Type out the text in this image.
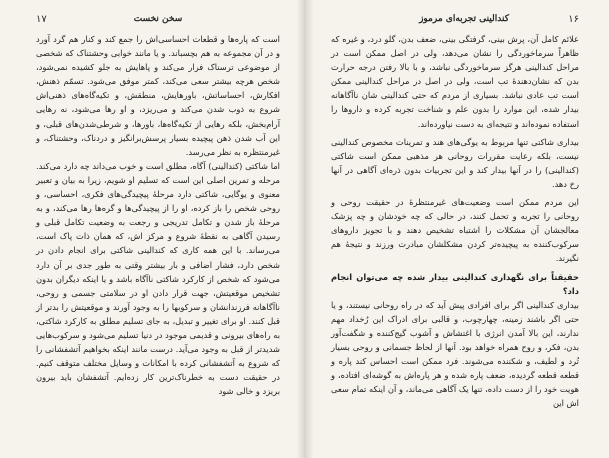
۱۷	سخن نخست

است که پاره‌ها و قطعات احساسی‌اش را جمع کند و کنار هم گرد آورد و در آن مجموعه به هم بچسباند. و یا مانند خوابی وحشتناک که شخصی از موضوعی ترسناک فرار می‌کند و پاهایش به جلو کشیده نمی‌شود، شخص هرچه بیشتر سعی می‌کند، کمتر موفق می‌شود. تسمّم ذهنش، افکارش، احساساتش، باورهایش، منطقش، و تکیه‌گاه‌های ذهنی‌اش شروع به ذوب شدن می‌کند و می‌ریزد، و او رها می‌شود، نه رهایی آرام‌بخش، بلکه رهایی از تکیه‌گاه‌ها، باورها، و شرطی‌شدن‌های قبلی، و این آب شدن ذهن پیچیده بسیار پرسش‌برانگیز و دردناک، وحشتناک، و غیرمنتظره به نظر می‌رسد.

اما شاکتی (کندالینی) آگاه، مطلق است و خوب می‌داند چه دارد می‌کند. مرحله و تمرین اصلی این است که تسلیم او شویم، زیرا به بیان و تعبیر معنوی و یوگایی، شاکتی دارد مرحلهٔ پیچیدگی‌های فکری، احساسی، و روحی شخص را باز کرده، او را از پیچیدگی‌ها و گره‌ها رها می‌کند، و به مرحلهٔ باز شدن و تکامل تدریجی و رجعت به وضعیت تکامل قبلی و رسیدن آگاهی به نقطهٔ شروع و مرکز اش، که همان ذات پاک است، می‌رساند. با این همه کاری که کندالینی شاکتی برای انجام دادن در شخص دارد، فشار اضافی و بار بیشتر وقتی به طور جدی بر آن دارد می‌شود که شخص از کارکرد شاکتی ناآگاه باشد و یا اینکه دیگران بدون تشخیص موقعیتش، جهت قرار دادن او در سلامتی جسمی و روحی، ناآگاهانه فرزندانشان و سرکوبها را به وجود آورند و موقعیتش را بدتر از قبل کنند. او برای تغییر و تبدیل، به جای تسلیم مطلق به کارکرد شاکتی، به راه‌های بیرونی و قدیمی موجود در دنیا تسلیم می‌شود و سرکوب‌هایی شدیدتر از قبل به وجود می‌آید. درست مانند اینکه بخواهیم آتشفشانی را که شروع به آتشفشانی کرده با امکانات و وسایل مختلف متوقف کنیم. در حقیقت دست به خطرناک‌ترین کار زده‌ایم. آتشفشان باید بیرون بریزد و خالی شود

۱۶
کندالینی تجربه‌ای مرموز

علائم کامل آن، پرش بینی، گرفتگی بینی، ضعف بدن، گلو درد، و غیره که ظاهراً سرماخوردگی را نشان می‌دهد، ولی در اصل ممکن است در مراحل کندالینی هرگز سرماخوردگی نباشد، و با بالا رفتن درجه حرارت بدن که نشان‌دهندهٔ تب است، ولی در اصل در مراحل کندالینی ممکن است تب عادی نباشد. بسیاری از مردم که حتی کندالینی شان ناآگاهانه بیدار شده، این موارد را بدون علم و شناخت تجربه کرده و داروها را استفاده نموده‌اند و نتیجه‌ای به دست نیاورده‌اند.

بیداری شاکتی تنها مربوط به یوگی‌های هند و تمرینات مخصوص کندالینی نیست، بلکه رعایت مقررات روحانی هر مذهبی ممکن است شاکتی (کندالینی) را در آنها بیدار کند و این تجربیات بدون ذره‌ای آگاهی در آنها رخ دهد.

این مردم ممکن است وضعیت‌های غیرمنتظرهٔ در حقیقت روحی و روحانی را تجربه و تحمل کنند، در حالی که چه خودشان و چه پزشک معالجشان آن مشکلات را اشتباه تشخیص دهند و با تجویز داروهای سرکوب‌کننده به پیچیده‌تر کردن مشکلشان مبادرت ورزند و نتیجهٔ هم نگیرند.

حقیقتاً برای نگهداری کندالینی بیدار شده چه می‌توان انجام داد؟

بیداری کندالینی اگر برای افرادی پیش آید که در راه روحانی نیستند، و یا حتی اگر باشند زمینه، چهارچوب، و قالبی برای ادراک این رُخداد مهم ندارند، این بالا آمدن انرژی با اغتشاش و آشوب گیج‌کننده و شگفت‌آور بدن، فکر، و روح همراه خواهد بود. آنها از لحاظ جسمانی و روحی بسیار تُرد و لطیف، و شکننده می‌شوند. فرد ممکن است احساس کند پاره و قطعه قطعه گردیده، ضعف پاره شده و هر پاره‌اش به گوشه‌ای افتاده، و هویت خود را از دست داده، تنها یک آگاهی می‌ماند، و آن اینکه تمام سعی اش این
